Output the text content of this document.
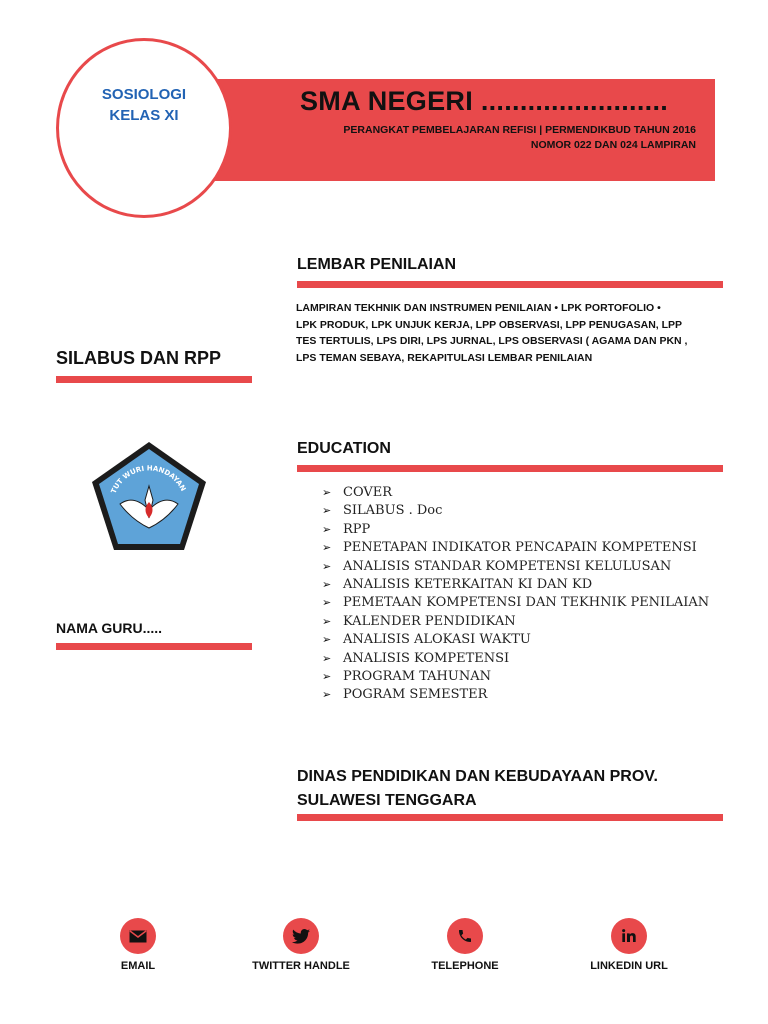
SMA NEGERI ........................
PERANGKAT PEMBELAJARAN REFISI | PERMENDIKBUD TAHUN 2016
NOMOR 022 DAN 024 LAMPIRAN
SOSIOLOGI
KELAS XI
LEMBAR PENILAIAN
LAMPIRAN TEKHNIK DAN INSTRUMEN PENILAIAN • LPK PORTOFOLIO •
LPK PRODUK, LPK UNJUK KERJA, LPP OBSERVASI, LPP PENUGASAN, LPP
TES TERTULIS, LPS DIRI, LPS JURNAL, LPS OBSERVASI ( AGAMA DAN PKN ,
LPS TEMAN SEBAYA, REKAPITULASI LEMBAR PENILAIAN
SILABUS DAN RPP
TUT WURI HANDAYAN
NAMA GURU.....
EDUCATION
➢ COVER
➢ SILABUS . Doc
➢ RPP
➢ PENETAPAN INDIKATOR PENCAPAIN KOMPETENSI
➢ ANALISIS STANDAR KOMPETENSI KELULUSAN
➢ ANALISIS KETERKAITAN KI DAN KD
➢ PEMETAAN KOMPETENSI DAN TEKHNIK PENILAIAN
➢ KALENDER PENDIDIKAN
➢ ANALISIS ALOKASI WAKTU
➢ ANALISIS KOMPETENSI
➢ PROGRAM TAHUNAN
➢ POGRAM SEMESTER
DINAS PENDIDIKAN DAN KEBUDAYAAN PROV.
SULAWESI TENGGARA
EMAIL	TWITTER HANDLE	TELEPHONE	LINKEDIN URL
